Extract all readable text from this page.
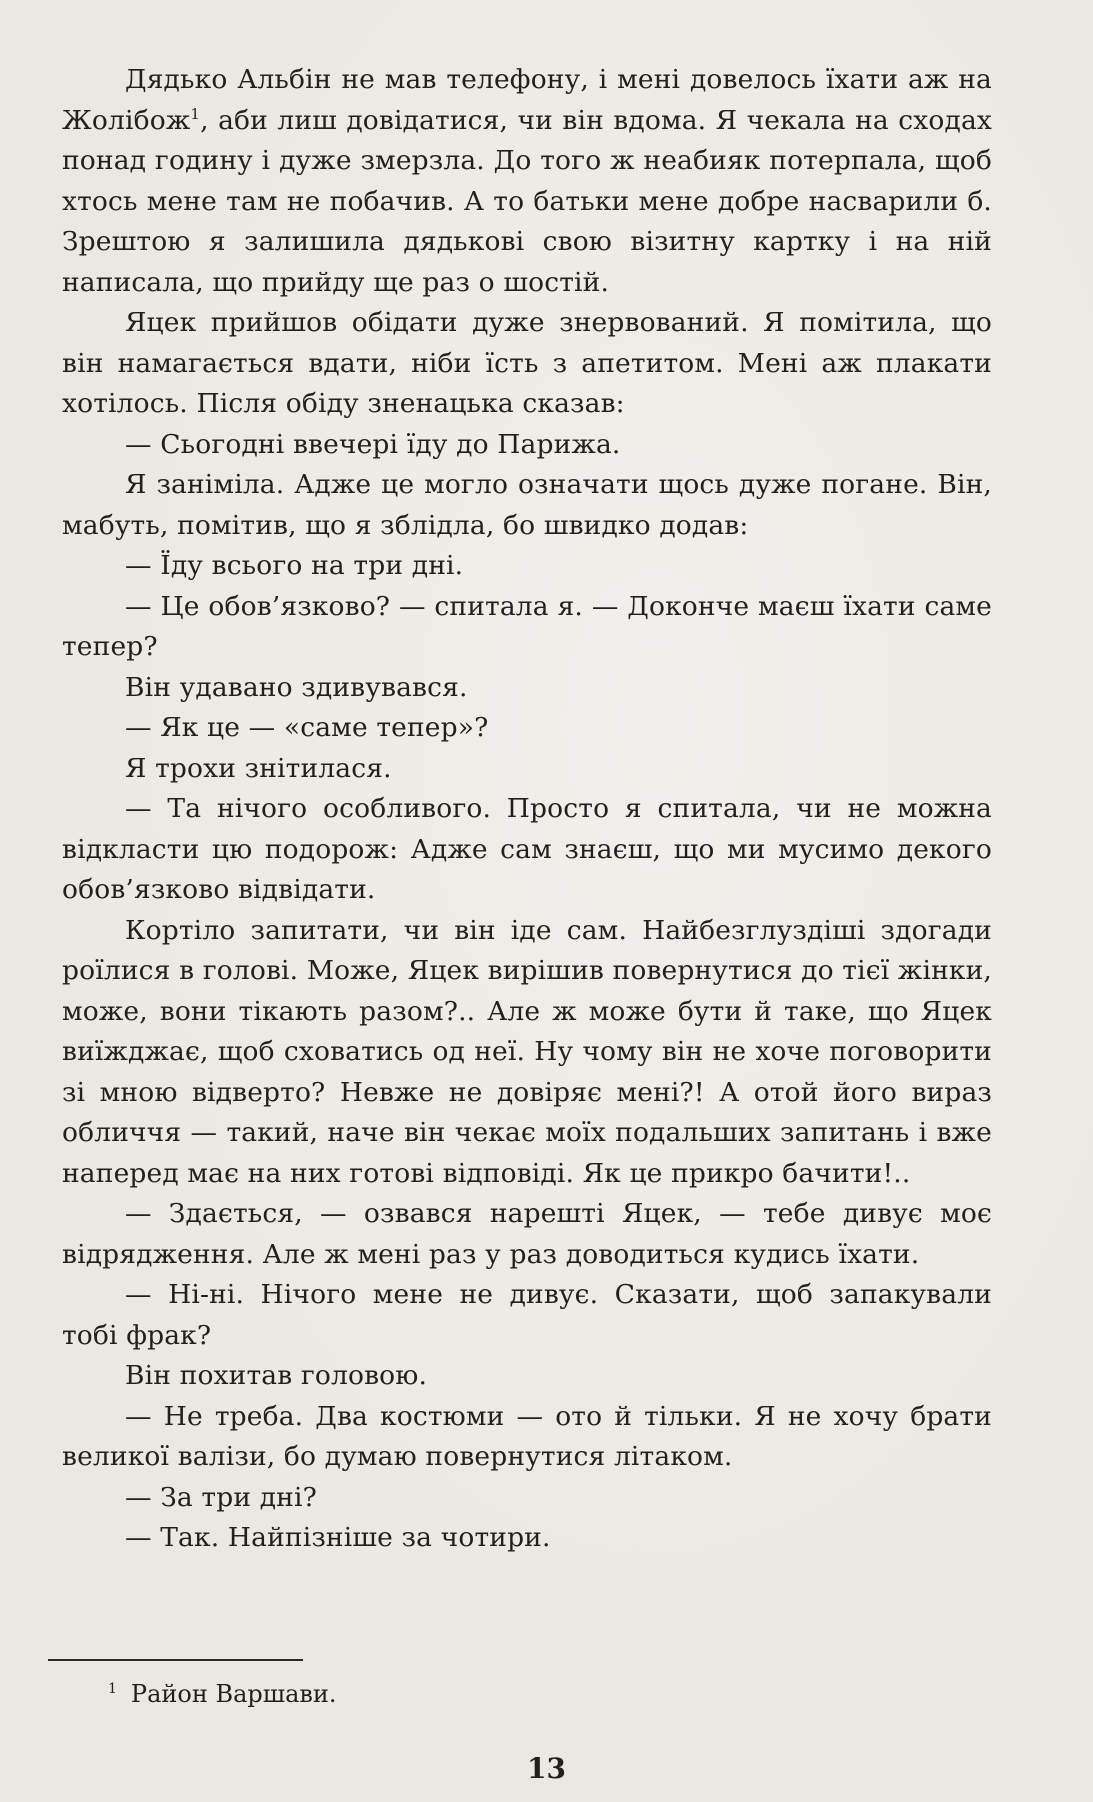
Дядько Альбін не мав телефону, і мені довелось їхати аж на Жолібож$^1$, аби лиш довідатися, чи він вдома. Я чекала на сходах понад годину і дуже змерзла. До того ж неабияк потерпала, щоб хтось мене там не побачив. А то батьки мене добре насварили б. Зрештою я залишила дядькові свою візитну картку і на ній написала, що прийду ще раз о шостій.

Яцек прийшов обідати дуже знервований. Я помітила, що він намагається вдати, ніби їсть з апетитом. Мені аж плакати хотілось. Після обіду зненацька сказав:

— Сьогодні ввечері їду до Парижа.

Я заніміла. Адже це могло означати щось дуже погане. Він, мабуть, помітив, що я зблідла, бо швидко додав:

— Їду всього на три дні.

— Це обов’язково? — спитала я. — Доконче маєш їхати саме тепер?

Він удавано здивувався.

— Як це — «саме тепер»?

Я трохи знітилася.

— Та нічого особливого. Просто я спитала, чи не можна відкласти цю подорож: Адже сам знаєш, що ми мусимо декого обов’язково відвідати.

Кортіло запитати, чи він іде сам. Найбезглуздіші здогади роїлися в голові. Може, Яцек вирішив повернутися до тієї жінки, може, вони тікають разом?.. Але ж може бути й таке, що Яцек виїжджає, щоб сховатись од неї. Ну чому він не хоче поговорити зі мною відверто? Невже не довіряє мені?! А отой його вираз обличчя — такий, наче він чекає моїх подальших запитань і вже наперед має на них готові відповіді. Як це прикро бачити!..

— Здається, — озвався нарешті Яцек, — тебе дивує моє відрядження. Але ж мені раз у раз доводиться кудись їхати.

— Ні-ні. Нічого мене не дивує. Сказати, щоб запакували тобі фрак?

Він похитав головою.

— Не треба. Два костюми — ото й тільки. Я не хочу брати великої валізи, бо думаю повернутися літаком.

— За три дні?

— Так. Найпізніше за чотири.

$^1$ Район Варшави.
13
